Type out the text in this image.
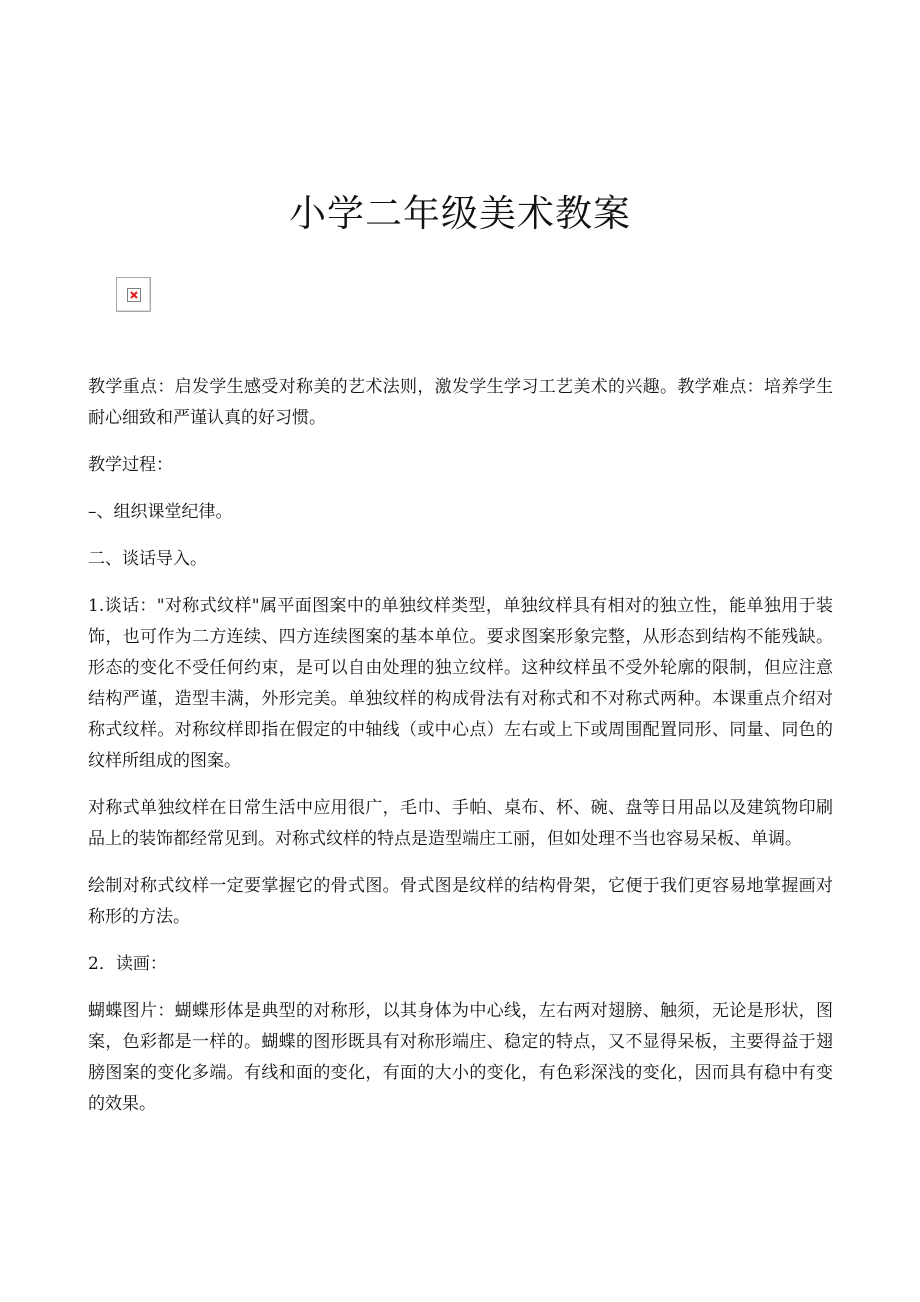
小学二年级美术教案

教学重点：启发学生感受对称美的艺术法则，激发学生学习工艺美术的兴趣。教学难点：培养学生耐心细致和严谨认真的好习惯。

教学过程：

–、组织课堂纪律。

二、谈话导入。

1.谈话："对称式纹样"属平面图案中的单独纹样类型，单独纹样具有相对的独立性，能单独用于装饰，也可作为二方连续、四方连续图案的基本单位。要求图案形象完整，从形态到结构不能残缺。形态的变化不受任何约束，是可以自由处理的独立纹样。这种纹样虽不受外轮廓的限制，但应注意结构严谨，造型丰满，外形完美。单独纹样的构成骨法有对称式和不对称式两种。本课重点介绍对称式纹样。对称纹样即指在假定的中轴线（或中心点）左右或上下或周围配置同形、同量、同色的纹样所组成的图案。

对称式单独纹样在日常生活中应用很广，毛巾、手帕、桌布、杯、碗、盘等日用品以及建筑物印刷品上的装饰都经常见到。对称式纹样的特点是造型端庄工丽，但如处理不当也容易呆板、单调。

绘制对称式纹样一定要掌握它的骨式图。骨式图是纹样的结构骨架，它便于我们更容易地掌握画对称形的方法。

2．读画：

蝴蝶图片：蝴蝶形体是典型的对称形，以其身体为中心线，左右两对翅膀、触须，无论是形状，图案，色彩都是一样的。蝴蝶的图形既具有对称形端庄、稳定的特点，又不显得呆板，主要得益于翅膀图案的变化多端。有线和面的变化，有面的大小的变化，有色彩深浅的变化，因而具有稳中有变的效果。
